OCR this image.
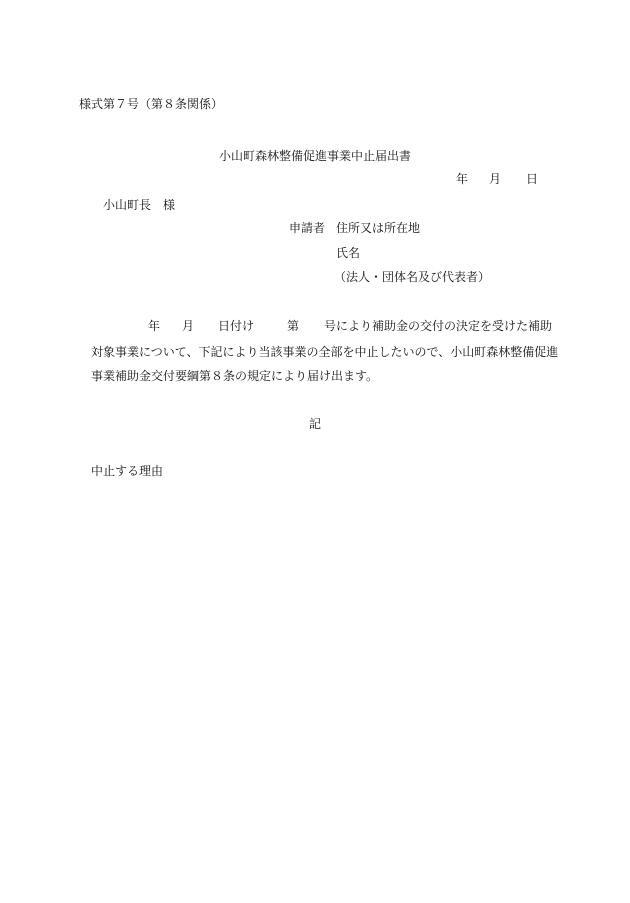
様式第７号（第８条関係）
小山町森林整備促進事業中止届出書
年 月 日
小山町長　様
申請者 住所又は所在地
氏名
（法人・団体名及び代表者）
年 月 日付け	第 号により補助金の交付の決定を受けた補助
対象事業について、下記により当該事業の全部を中止したいので、小山町森林整備促進
事業補助金交付要綱第８条の規定により届け出ます。
記
中止する理由
